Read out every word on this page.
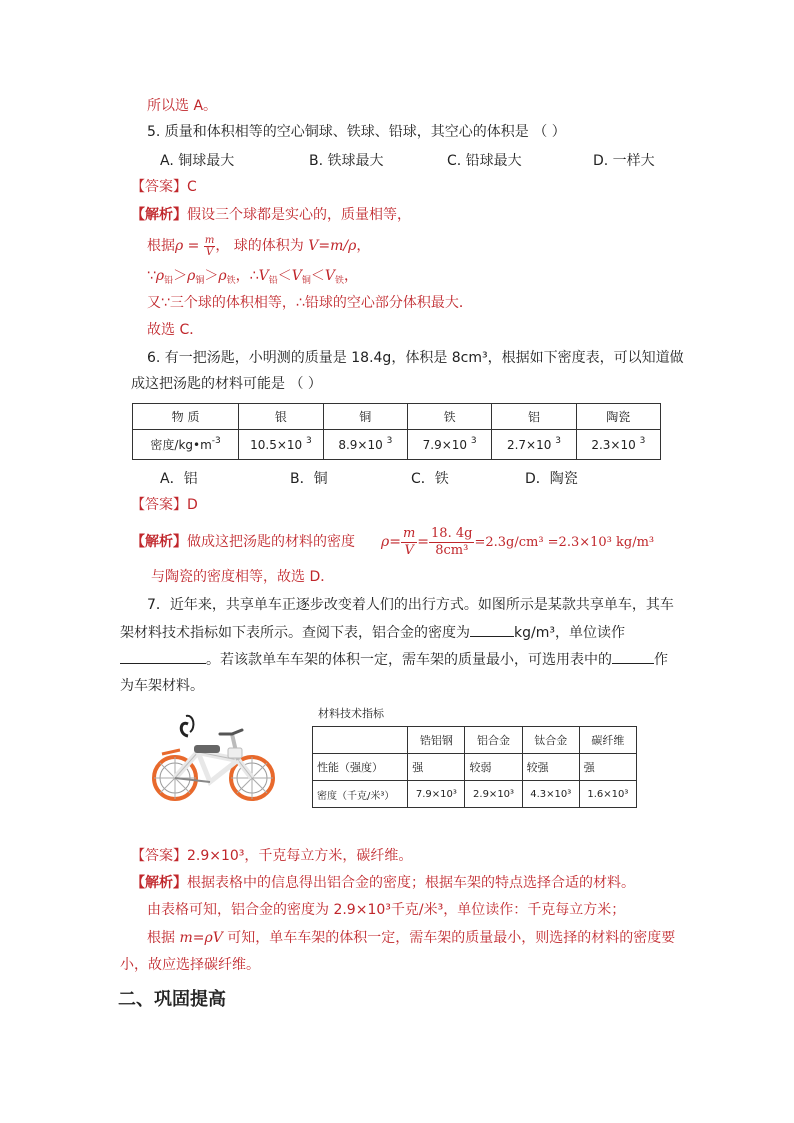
所以选 A。
5. 质量和体积相等的空心铜球、铁球、铅球，其空心的体积是 （ ）
A. 铜球最大	B. 铁球最大	C. 铅球最大	D. 一样大
【答案】C
【解析】假设三个球都是实心的，质量相等，
根据$\rho = \frac{m}{V}$ ， 球的体积为 V=m/ρ，
$\because\rho_铅>\rho_铜>\rho_铁$，$\therefore V_铅<V_铜<V_铁$，
又∵三个球的体积相等，∴铅球的空心部分体积最大．
故选 C．
6. 有一把汤匙，小明测的质量是 18.4g，体积是 8cm³，根据如下密度表，可以知道做
成这把汤匙的材料可能是 （ ）
物 质	银	铜	铁	铝	陶瓷
密度$/kg•m^{-3}$	10.5×10 $^3$	8.9×10 $^3$	7.9×10 $^3$	2.7×10 $^3$	2.3×10 $^3$
A．铝	B．铜	C．铁	D．陶瓷
【答案】D
【解析】做成这把汤匙的材料的密度 $\rho= \frac{m}{V} = \frac{18. 4g}{\text{8cm³}} =2.3g/cm^3 =2.3\times 10^3$ kg/m³
与陶瓷的密度相等，故选 D．
7．近年来，共享单车正逐步改变着人们的出行方式。如图所示是某款共享单车，其车
架材料技术指标如下表所示。查阅下表，铝合金的密度为	kg/m³，单位读作
。若该款单车车架的体积一定，需车架的质量最小，可选用表中的	作
为车架材料。
材料技术指标
	锆铝钢	铝合金	钛合金	碳纤维
性能（强度）	强	较弱	较强	强
密度（千克/米³）	7.9×10³	2.9×10³	4.3×10³	1.6×10³
【答案】2.9×10³，千克每立方米，碳纤维。
【解析】根据表格中的信息得出铝合金的密度；根据车架的特点选择合适的材料。
由表格可知，铝合金的密度为 2.9×10³千克/米³，单位读作：千克每立方米；
根据 m=ρV 可知，单车车架的体积一定，需车架的质量最小，则选择的材料的密度要
小，故应选择碳纤维。
二、巩固提高
